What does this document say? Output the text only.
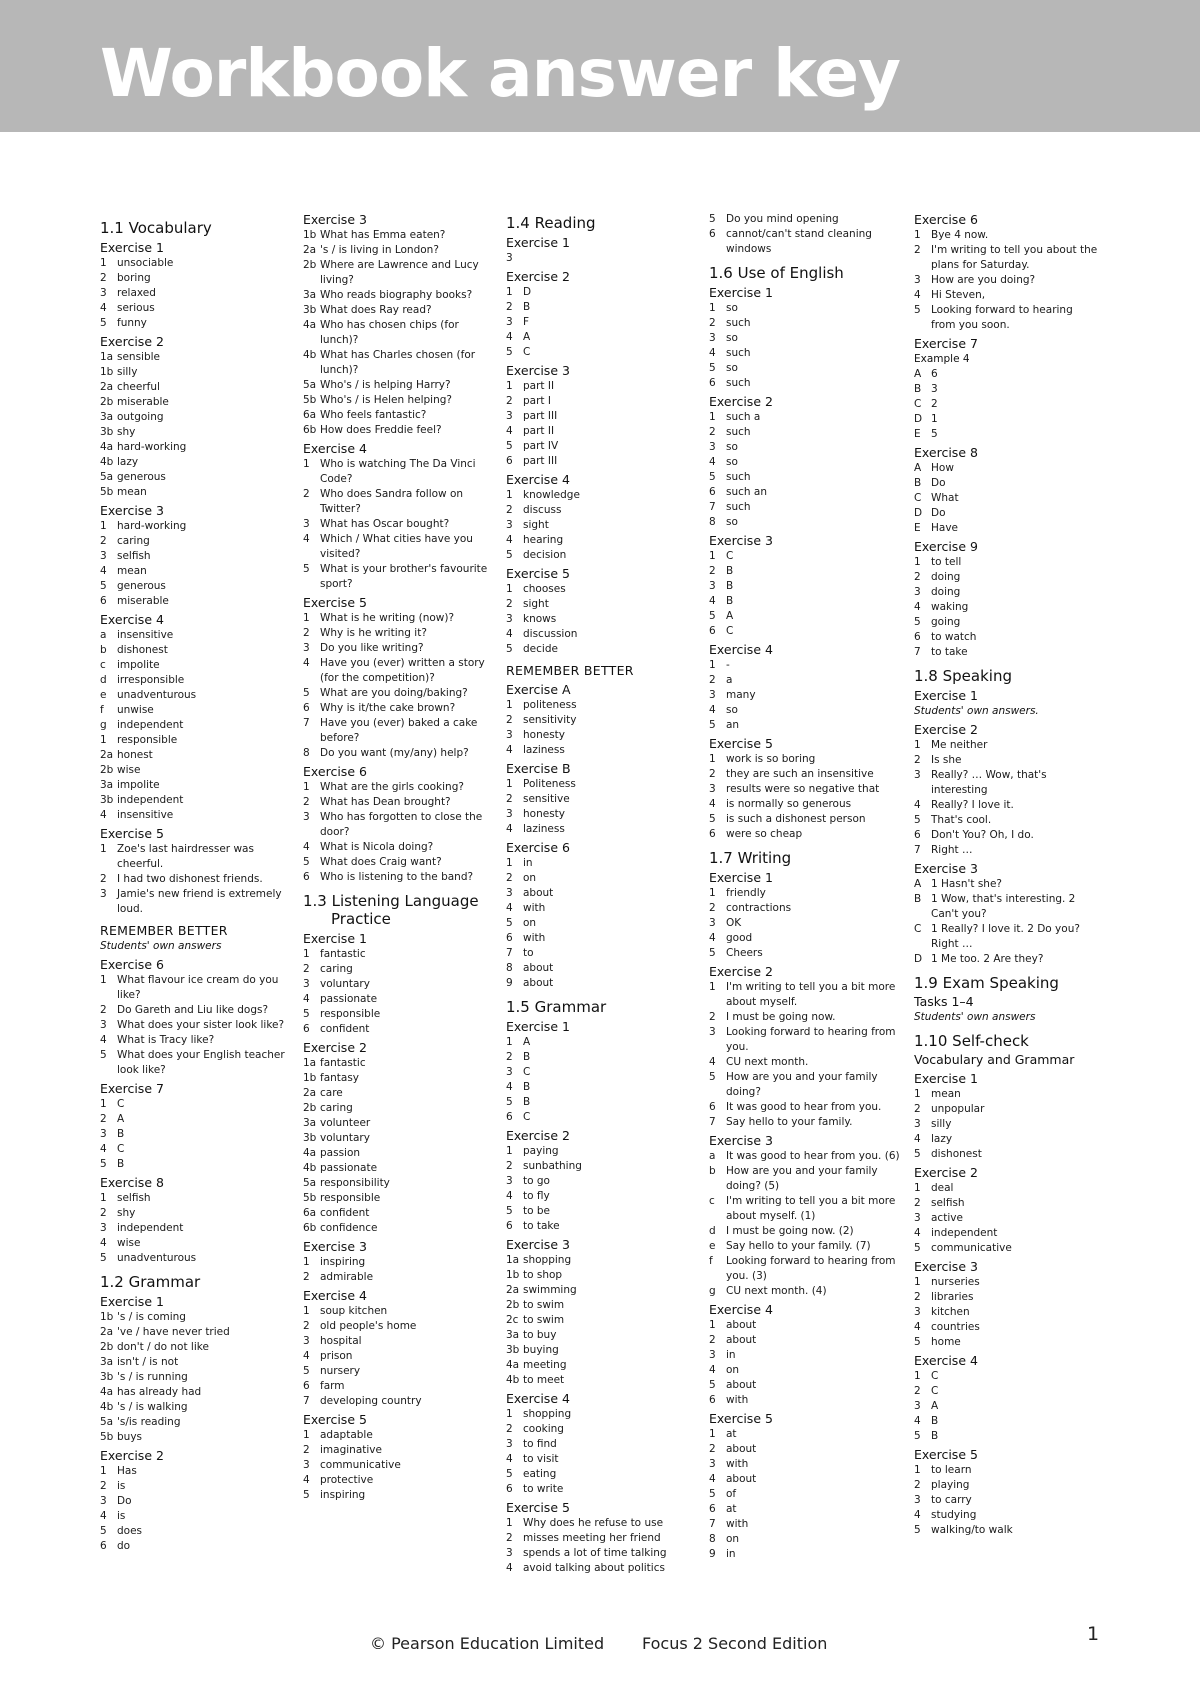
Workbook answer key
1.1 Vocabulary
Exercise 1
1 unsociable
2 boring
3 relaxed
4 serious
5 funny
Exercise 2
1a sensible
1b silly
2a cheerful
2b miserable
3a outgoing
3b shy
4a hard-working
4b lazy
5a generous
5b mean
Exercise 3
1 hard-working
2 caring
3 selfish
4 mean
5 generous
6 miserable
Exercise 4
a insensitive
b dishonest
c impolite
d irresponsible
e unadventurous
f unwise
g independent
1 responsible
2a honest
2b wise
3a impolite
3b independent
4 insensitive
Exercise 5
1 Zoe's last hairdresser was cheerful.
2 I had two dishonest friends.
3 Jamie's new friend is extremely loud.
REMEMBER BETTER
Students' own answers
Exercise 6
1 What flavour ice cream do you like?
2 Do Gareth and Liu like dogs?
3 What does your sister look like?
4 What is Tracy like?
5 What does your English teacher look like?
Exercise 7
1 C
2 A
3 B
4 C
5 B
Exercise 8
1 selfish
2 shy
3 independent
4 wise
5 unadventurous
1.2 Grammar
Exercise 1
1b 's / is coming
2a 've / have never tried
2b don't / do not like
3a isn't / is not
3b 's / is running
4a has already had
4b 's / is walking
5a 's/is reading
5b buys
Exercise 2
1 Has
2 is
3 Do
4 is
5 does
6 do
Exercise 3
1b What has Emma eaten?
2a 's / is living in London?
2b Where are Lawrence and Lucy living?
3a Who reads biography books?
3b What does Ray read?
4a Who has chosen chips (for lunch)?
4b What has Charles chosen (for lunch)?
5a Who's / is helping Harry?
5b Who's / is Helen helping?
6a Who feels fantastic?
6b How does Freddie feel?
Exercise 4
1 Who is watching The Da Vinci Code?
2 Who does Sandra follow on Twitter?
3 What has Oscar bought?
4 Which / What cities have you visited?
5 What is your brother's favourite sport?
Exercise 5
1 What is he writing (now)?
2 Why is he writing it?
3 Do you like writing?
4 Have you (ever) written a story (for the competition)?
5 What are you doing/baking?
6 Why is it/the cake brown?
7 Have you (ever) baked a cake before?
8 Do you want (my/any) help?
Exercise 6
1 What are the girls cooking?
2 What has Dean brought?
3 Who has forgotten to close the door?
4 What is Nicola doing?
5 What does Craig want?
6 Who is listening to the band?
1.3 Listening Language
Practice
Exercise 1
1 fantastic
2 caring
3 voluntary
4 passionate
5 responsible
6 confident
Exercise 2
1a fantastic
1b fantasy
2a care
2b caring
3a volunteer
3b voluntary
4a passion
4b passionate
5a responsibility
5b responsible
6a confident
6b confidence
Exercise 3
1 inspiring
2 admirable
Exercise 4
1 soup kitchen
2 old people's home
3 hospital
4 prison
5 nursery
6 farm
7 developing country
Exercise 5
1 adaptable
2 imaginative
3 communicative
4 protective
5 inspiring
1.4 Reading
Exercise 1
3
Exercise 2
1 D
2 B
3 F
4 A
5 C
Exercise 3
1 part II
2 part I
3 part III
4 part II
5 part IV
6 part III
Exercise 4
1 knowledge
2 discuss
3 sight
4 hearing
5 decision
Exercise 5
1 chooses
2 sight
3 knows
4 discussion
5 decide
REMEMBER BETTER
Exercise A
1 politeness
2 sensitivity
3 honesty
4 laziness
Exercise B
1 Politeness
2 sensitive
3 honesty
4 laziness
Exercise 6
1 in
2 on
3 about
4 with
5 on
6 with
7 to
8 about
9 about
1.5 Grammar
Exercise 1
1 A
2 B
3 C
4 B
5 B
6 C
Exercise 2
1 paying
2 sunbathing
3 to go
4 to fly
5 to be
6 to take
Exercise 3
1a shopping
1b to shop
2a swimming
2b to swim
2c to swim
3a to buy
3b buying
4a meeting
4b to meet
Exercise 4
1 shopping
2 cooking
3 to find
4 to visit
5 eating
6 to write
Exercise 5
1 Why does he refuse to use
2 misses meeting her friend
3 spends a lot of time talking
4 avoid talking about politics
5 Do you mind opening
6 cannot/can't stand cleaning windows
1.6 Use of English
Exercise 1
1 so
2 such
3 so
4 such
5 so
6 such
Exercise 2
1 such a
2 such
3 so
4 so
5 such
6 such an
7 such
8 so
Exercise 3
1 C
2 B
3 B
4 B
5 A
6 C
Exercise 4
1 -
2 a
3 many
4 so
5 an
Exercise 5
1 work is so boring
2 they are such an insensitive
3 results were so negative that
4 is normally so generous
5 is such a dishonest person
6 were so cheap
1.7 Writing
Exercise 1
1 friendly
2 contractions
3 OK
4 good
5 Cheers
Exercise 2
1 I'm writing to tell you a bit more about myself.
2 I must be going now.
3 Looking forward to hearing from you.
4 CU next month.
5 How are you and your family doing?
6 It was good to hear from you.
7 Say hello to your family.
Exercise 3
a It was good to hear from you. (6)
b How are you and your family doing? (5)
c I'm writing to tell you a bit more about myself. (1)
d I must be going now. (2)
e Say hello to your family. (7)
f Looking forward to hearing from you. (3)
g CU next month. (4)
Exercise 4
1 about
2 about
3 in
4 on
5 about
6 with
Exercise 5
1 at
2 about
3 with
4 about
5 of
6 at
7 with
8 on
9 in
Exercise 6
1 Bye 4 now.
2 I'm writing to tell you about the plans for Saturday.
3 How are you doing?
4 Hi Steven,
5 Looking forward to hearing from you soon.
Exercise 7
Example 4
A 6
B 3
C 2
D 1
E 5
Exercise 8
A How
B Do
C What
D Do
E Have
Exercise 9
1 to tell
2 doing
3 doing
4 waking
5 going
6 to watch
7 to take
1.8 Speaking
Exercise 1
Students' own answers.
Exercise 2
1 Me neither
2 Is she
3 Really? … Wow, that's interesting
4 Really? I love it.
5 That's cool.
6 Don't You? Oh, I do.
7 Right …
Exercise 3
A 1 Hasn't she?
B 1 Wow, that's interesting. 2 Can't you?
C 1 Really? I love it. 2 Do you? Right …
D 1 Me too. 2 Are they?
1.9 Exam Speaking
Tasks 1–4
Students' own answers
1.10 Self-check
Vocabulary and Grammar
Exercise 1
1 mean
2 unpopular
3 silly
4 lazy
5 dishonest
Exercise 2
1 deal
2 selfish
3 active
4 independent
5 communicative
Exercise 3
1 nurseries
2 libraries
3 kitchen
4 countries
5 home
Exercise 4
1 C
2 C
3 A
4 B
5 B
Exercise 5
1 to learn
2 playing
3 to carry
4 studying
5 walking/to walk
© Pearson Education Limited Focus 2 Second Edition	1
